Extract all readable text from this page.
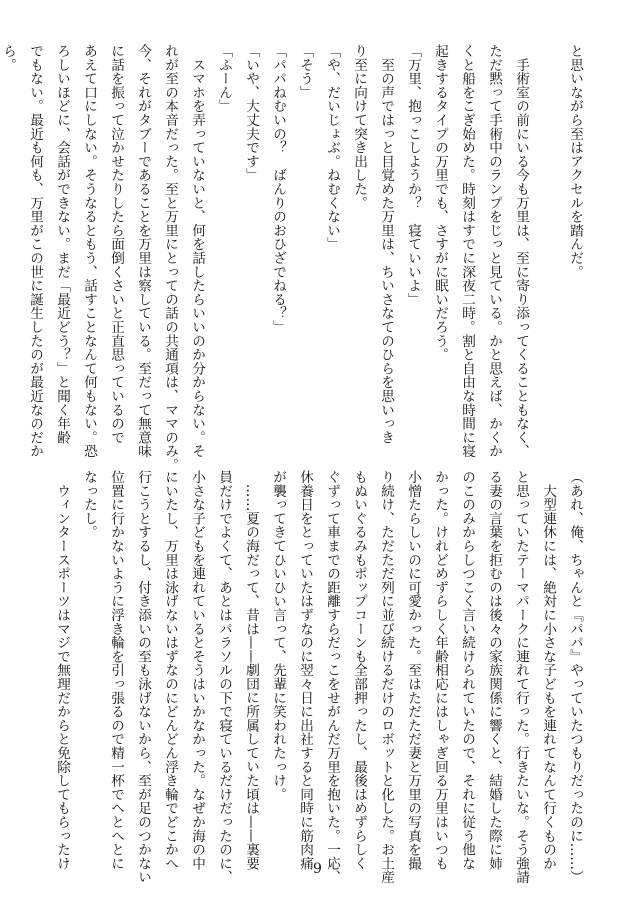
と思いながら至はアクセルを踏んだ。

　手術室の前にいる今も万里は、至に寄り添ってくることもなく、

ただ黙って手術中のランプをじっと見ている。かと思えば、かくか

くと船をこぎ始めた。時刻はすでに深夜二時。割と自由な時間に寝

起きするタイプの万里でも、さすがに眠いだろう。

「万里、抱っこしようか？　寝ていいよ」

　至の声ではっと目覚めた万里は、ちいさなてのひらを思いっき

り至に向けて突き出した。

「や、だいじょぶ。ねむくない」

「そう」

「パパねむいの？　ばんりのおひざでねる？」

「いや、大丈夫です」

「ふーん」

　スマホを弄っていないと、何を話したらいいのか分からない。そ

れが至の本音だった。至と万里にとっての話の共通項は、ママのみ。

今、それがタブーであることを万里は察している。至だって無意味

に話を振って泣かせたりしたら面倒くさいと正直思っているので

あえて口にしない。そうなるともう、話すことなんて何もない。恐

ろしいほどに、会話ができない。まだ「最近どう？」と聞く年齢

でもない。最近も何も、万里がこの世に誕生したのが最近なのだか

ら。

（あれ、俺、ちゃんと『パパ』やっていたつもりだったのに……）

　大型連休には、絶対に小さな子どもを連れてなんて行くものか

と思っていたテーマパークに連れて行った。行きたいな。そう強請

る妻の言葉を拒むのは後々の家族関係に響くと、結婚した際に姉

のこのみからしつこく言い続けられていたので、それに従う他な

かった。けれどめずらしく年齢相応にはしゃぎ回る万里はいつも

小憎たらしいのに可愛かった。至はただただ妻と万里の写真を撮

り続け、ただただ列に並び続けるだけのロボットと化した。お土産

もぬいぐるみもポップコーンも全部押ったし、最後はめずらしく

ぐずって車までの距離すらだっこをせがんだ万里を抱いた。一応、

休養日をとっていたはずなのに翌々日に出社すると同時に筋肉痛

が襲ってきてひいひい言って、先輩に笑われたっけ。

　……夏の海だって、昔は——劇団に所属していた頃は——裏要

員だけでよくて、あとはパラソルの下で寝ているだけだったのに、

小さな子どもを連れているとそうはいかなかった。なぜか海の中

にいたし、万里は泳げないはずなのにどんどん浮き輪でどこかへ

行こうとするし、付き添いの至も泳げないから、至が足のつかない

位置に行かないように浮き輪を引っ張るので精一杯でへとへとに

なったし。

　ウィンタースポーツはマジで無理だからと免除してもらったけ	9
